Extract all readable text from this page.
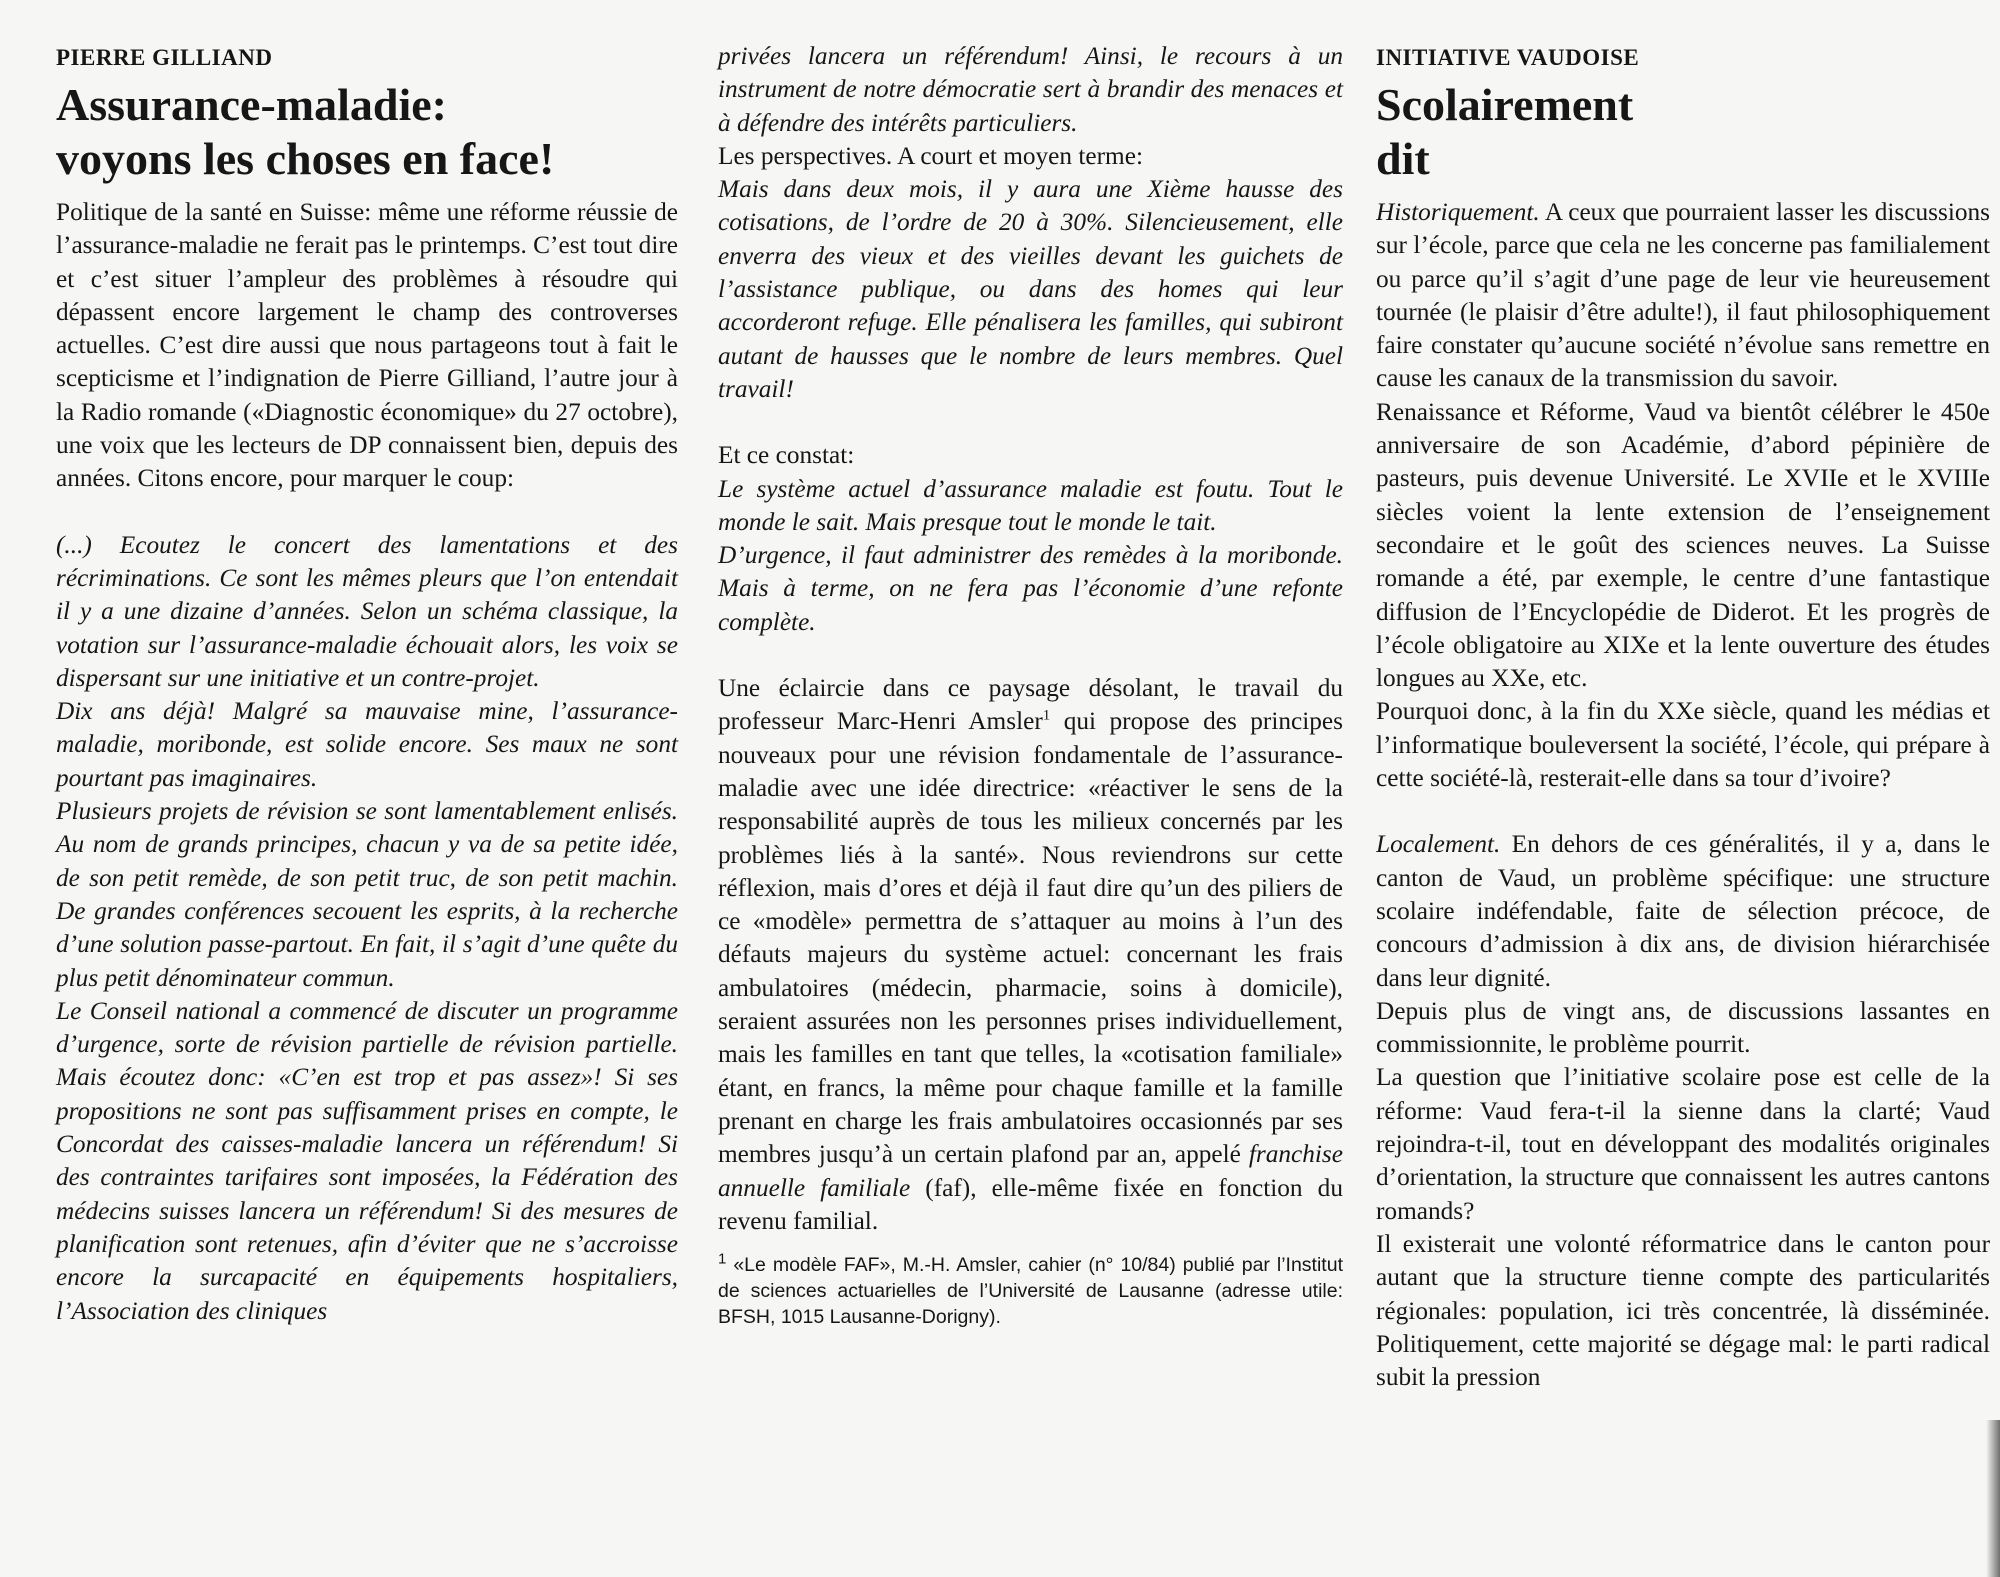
PIERRE GILLIAND
Assurance-maladie:
voyons les choses en face!

Politique de la santé en Suisse: même une réforme réussie de l’assurance-maladie ne ferait pas le printemps. C’est tout dire et c’est situer l’ampleur des problèmes à résoudre qui dépassent encore largement le champ des controverses actuelles. C’est dire aussi que nous partageons tout à fait le scepticisme et l’indignation de Pierre Gilliand, l’autre jour à la Radio romande («Diagnostic économique» du 27 octobre), une voix que les lecteurs de DP connaissent bien, depuis des années. Citons encore, pour marquer le coup:

(...) Ecoutez le concert des lamentations et des récriminations. Ce sont les mêmes pleurs que l’on entendait il y a une dizaine d’années. Selon un schéma classique, la votation sur l’assurance-maladie échouait alors, les voix se dispersant sur une initiative et un contre-projet.

Dix ans déjà! Malgré sa mauvaise mine, l’assurance-maladie, moribonde, est solide encore. Ses maux ne sont pourtant pas imaginaires.

Plusieurs projets de révision se sont lamentablement enlisés. Au nom de grands principes, chacun y va de sa petite idée, de son petit remède, de son petit truc, de son petit machin. De grandes conférences secouent les esprits, à la recherche d’une solution passe-partout. En fait, il s’agit d’une quête du plus petit dénominateur commun.

Le Conseil national a commencé de discuter un programme d’urgence, sorte de révision partielle de révision partielle. Mais écoutez donc: «C’en est trop et pas assez»! Si ses propositions ne sont pas suffisamment prises en compte, le Concordat des caisses-maladie lancera un référendum! Si des contraintes tarifaires sont imposées, la Fédération des médecins suisses lancera un référendum! Si des mesures de planification sont retenues, afin d’éviter que ne s’accroisse encore la surcapacité en équipements hospitaliers, l’Association des cliniques

privées lancera un référendum! Ainsi, le recours à un instrument de notre démocratie sert à brandir des menaces et à défendre des intérêts particuliers.

Les perspectives. A court et moyen terme:

Mais dans deux mois, il y aura une Xième hausse des cotisations, de l’ordre de 20 à 30%. Silencieusement, elle enverra des vieux et des vieilles devant les guichets de l’assistance publique, ou dans des homes qui leur accorderont refuge. Elle pénalisera les familles, qui subiront autant de hausses que le nombre de leurs membres. Quel travail!

Et ce constat:

Le système actuel d’assurance maladie est foutu. Tout le monde le sait. Mais presque tout le monde le tait.

D’urgence, il faut administrer des remèdes à la moribonde. Mais à terme, on ne fera pas l’économie d’une refonte complète.

Une éclaircie dans ce paysage désolant, le travail du professeur Marc-Henri Amsler$^1$ qui propose des principes nouveaux pour une révision fondamentale de l’assurance-maladie avec une idée directrice: «réactiver le sens de la responsabilité auprès de tous les milieux concernés par les problèmes liés à la santé». Nous reviendrons sur cette réflexion, mais d’ores et déjà il faut dire qu’un des piliers de ce «modèle» permettra de s’attaquer au moins à l’un des défauts majeurs du système actuel: concernant les frais ambulatoires (médecin, pharmacie, soins à domicile), seraient assurées non les personnes prises individuellement, mais les familles en tant que telles, la «cotisation familiale» étant, en francs, la même pour chaque famille et la famille prenant en charge les frais ambulatoires occasionnés par ses membres jusqu’à un certain plafond par an, appelé franchise annuelle familiale (faf), elle-même fixée en fonction du revenu familial.

$^1$ «Le modèle FAF», M.-H. Amsler, cahier (n° 10/84) publié par l’Institut de sciences actuarielles de l’Université de Lausanne (adresse utile: BFSH, 1015 Lausanne-Dorigny).
INITIATIVE VAUDOISE
Scolairement
dit

Historiquement. A ceux que pourraient lasser les discussions sur l’école, parce que cela ne les concerne pas familialement ou parce qu’il s’agit d’une page de leur vie heureusement tournée (le plaisir d’être adulte!), il faut philosophiquement faire constater qu’aucune société n’évolue sans remettre en cause les canaux de la transmission du savoir.

Renaissance et Réforme, Vaud va bientôt célébrer le 450e anniversaire de son Académie, d’abord pépinière de pasteurs, puis devenue Université. Le XVIIe et le XVIIIe siècles voient la lente extension de l’enseignement secondaire et le goût des sciences neuves. La Suisse romande a été, par exemple, le centre d’une fantastique diffusion de l’Encyclopédie de Diderot. Et les progrès de l’école obligatoire au XIXe et la lente ouverture des études longues au XXe, etc.

Pourquoi donc, à la fin du XXe siècle, quand les médias et l’informatique bouleversent la société, l’école, qui prépare à cette société-là, resterait-elle dans sa tour d’ivoire?

Localement. En dehors de ces généralités, il y a, dans le canton de Vaud, un problème spécifique: une structure scolaire indéfendable, faite de sélection précoce, de concours d’admission à dix ans, de division hiérarchisée dans leur dignité.

Depuis plus de vingt ans, de discussions lassantes en commissionnite, le problème pourrit.

La question que l’initiative scolaire pose est celle de la réforme: Vaud fera-t-il la sienne dans la clarté; Vaud rejoindra-t-il, tout en développant des modalités originales d’orientation, la structure que connaissent les autres cantons romands?

Il existerait une volonté réformatrice dans le canton pour autant que la structure tienne compte des particularités régionales: population, ici très concentrée, là disséminée. Politiquement, cette majorité se dégage mal: le parti radical subit la pression
